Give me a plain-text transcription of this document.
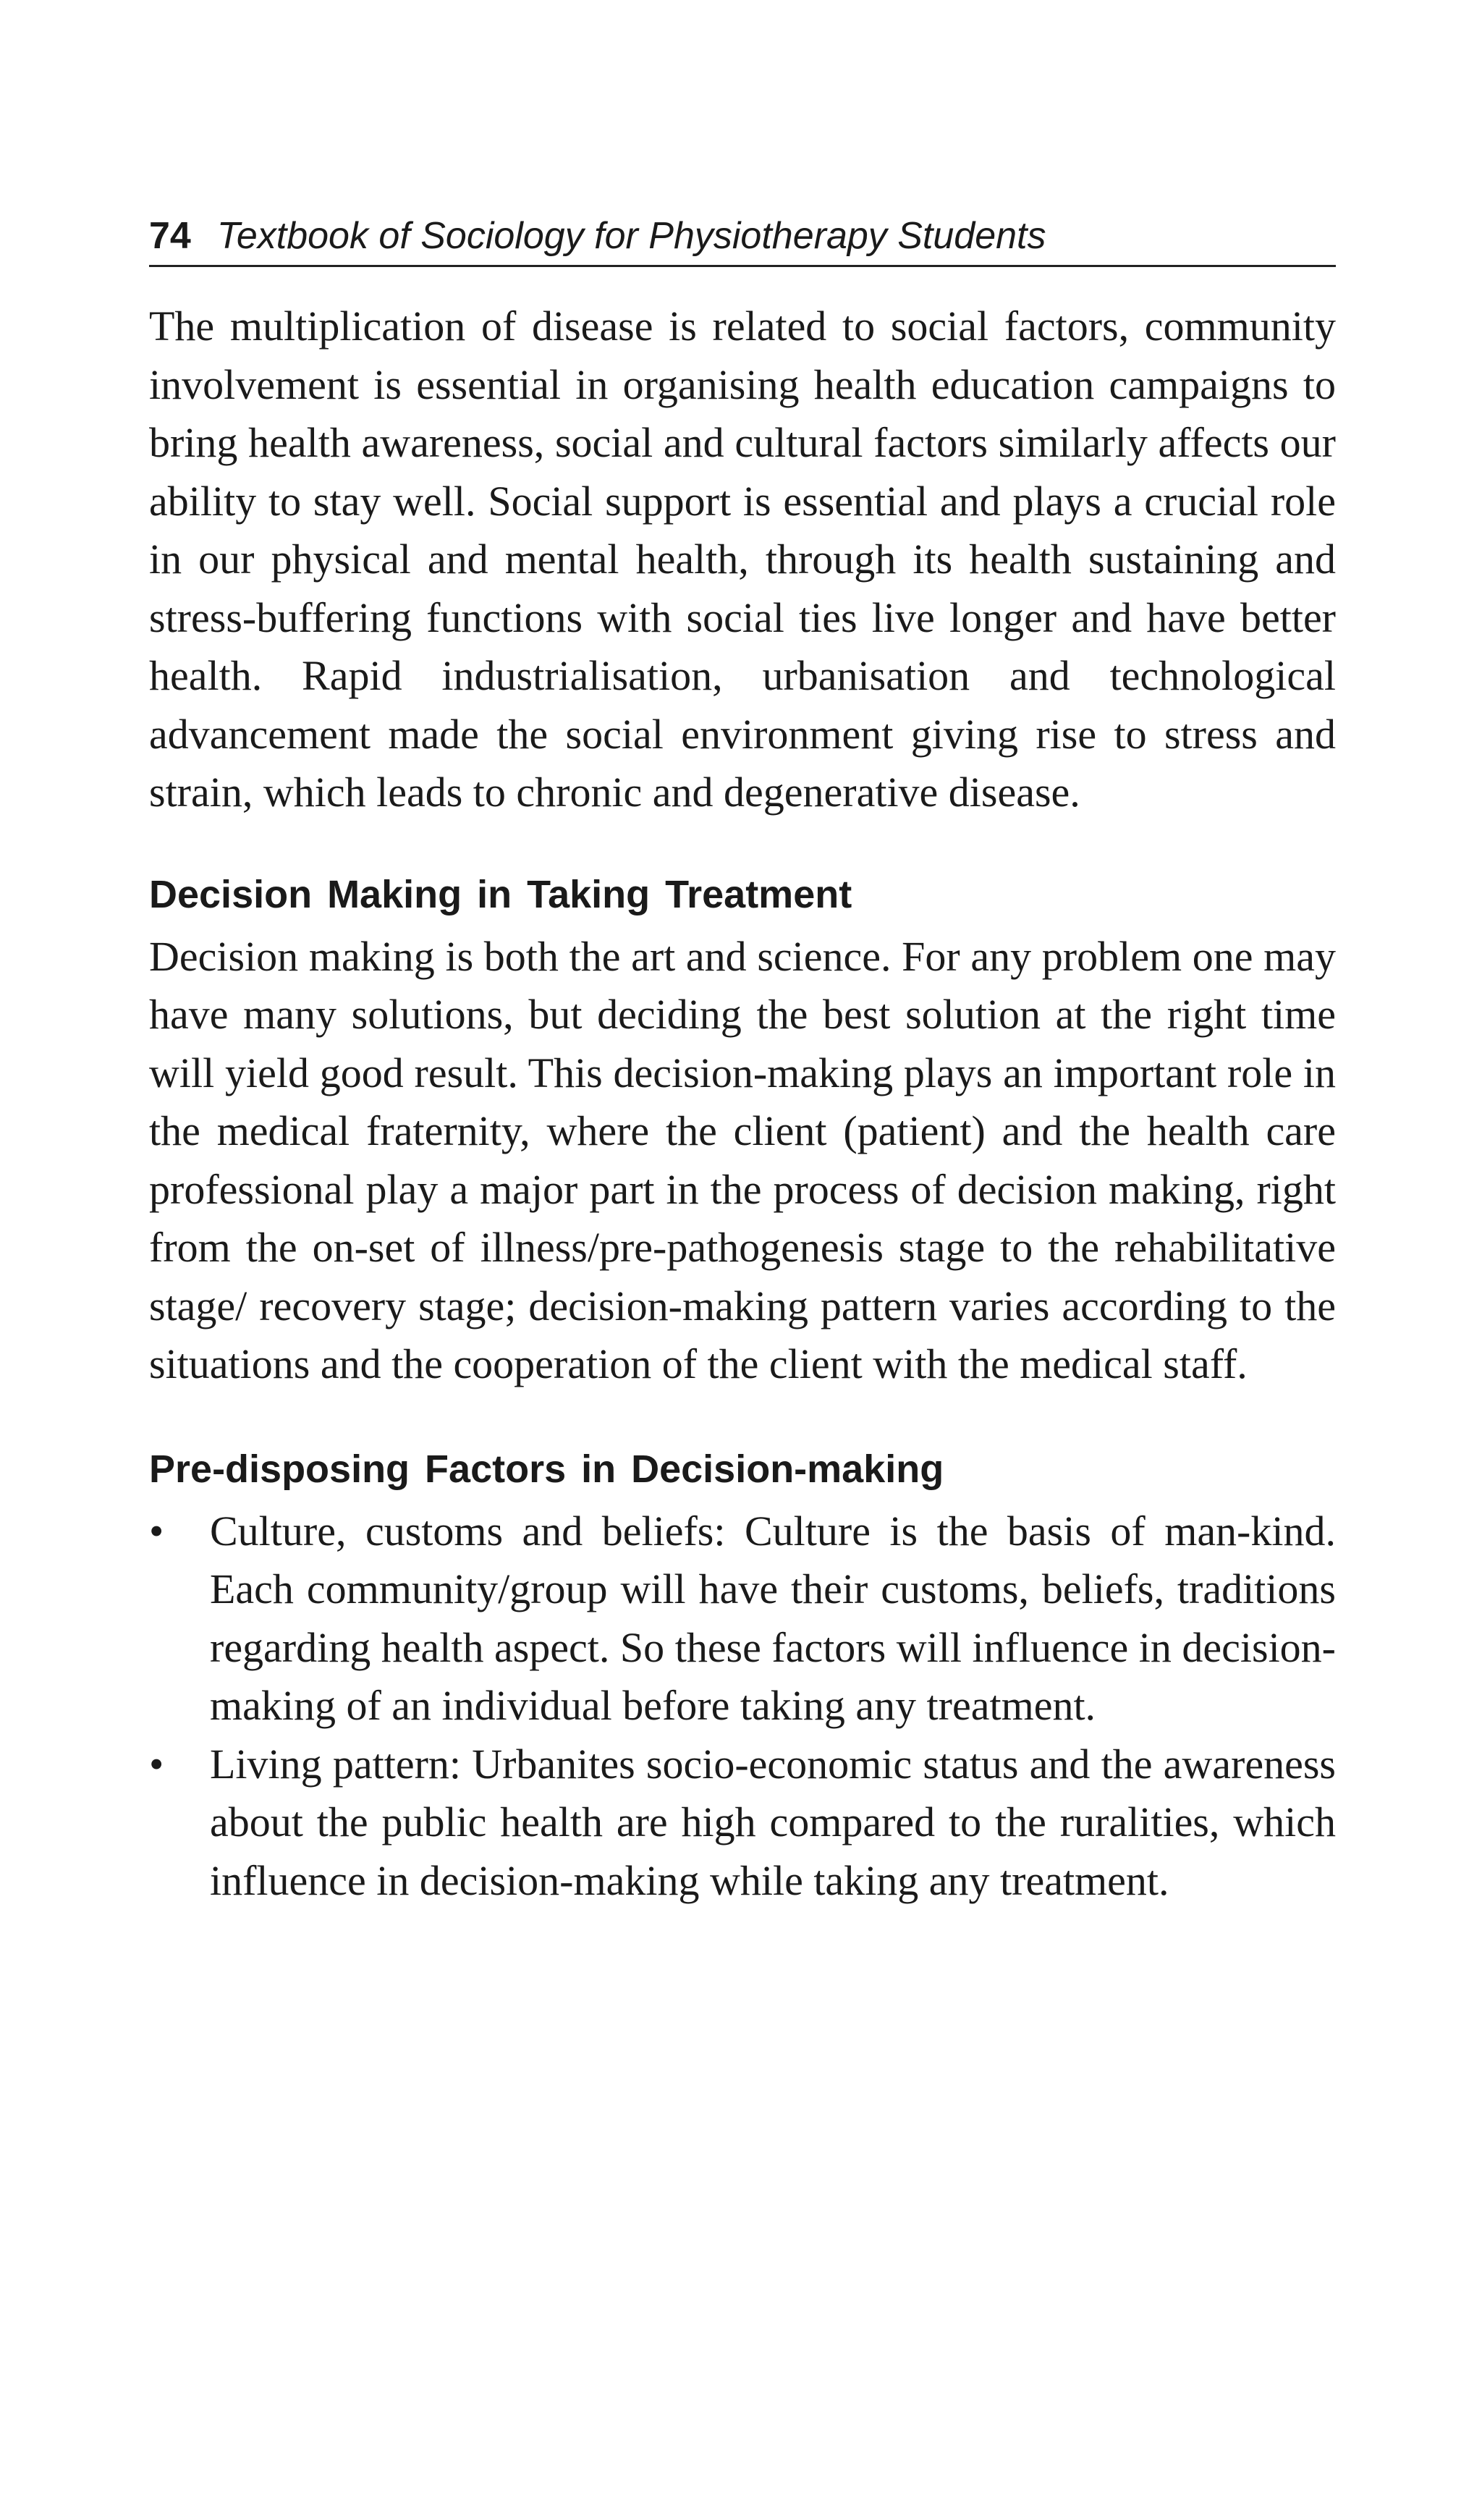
74 Textbook of Sociology for Physiotherapy Students

The multiplication of disease is related to social factors, community involvement is essential in organising health education campaigns to bring health awareness, social and cultural factors similarly affects our ability to stay well. Social support is essential and plays a crucial role in our physical and mental health, through its health sustaining and stress-buffering functions with social ties live longer and have better health. Rapid industrialisation, urbanisation and technological advancement made the social environment giving rise to stress and strain, which leads to chronic and degenerative disease.

Decision Making in Taking Treatment

Decision making is both the art and science. For any problem one may have many solutions, but deciding the best solution at the right time will yield good result. This decision-making plays an important role in the medical fraternity, where the client (patient) and the health care professional play a major part in the process of decision making, right from the on-set of illness/pre-pathogenesis stage to the rehabilitative stage/ recovery stage; decision-making pattern varies according to the situations and the cooperation of the client with the medical staff.

Pre-disposing Factors in Decision-making
•	Culture, customs and beliefs: Culture is the basis of man-kind. Each community/group will have their customs, beliefs, traditions regarding health aspect. So these factors will influence in decision-making of an individual before taking any treatment.

•	Living pattern: Urbanites socio-economic status and the awareness about the public health are high compared to the ruralities, which influence in decision-making while taking any treatment.
